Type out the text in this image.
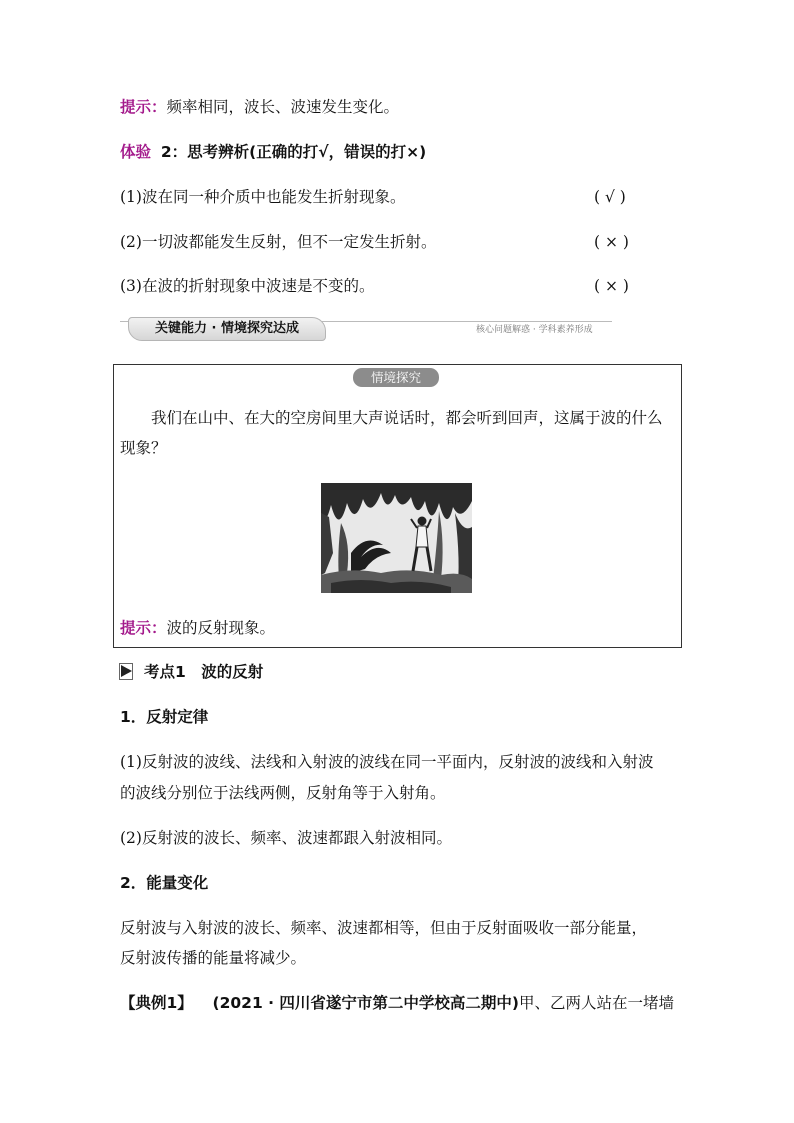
提示：频率相同，波长、波速发生变化。
体验 2：思考辨析(正确的打√，错误的打×)
(1)波在同一种介质中也能发生折射现象。	( √ )
(2)一切波都能发生反射，但不一定发生折射。	( × )
(3)在波的折射现象中波速是不变的。	( × )
关键能力 · 情境探究达成	核心问题解惑 · 学科素养形成
情境探究
我们在山中、在大的空房间里大声说话时，都会听到回声，这属于波的什么
现象？
提示：波的反射现象。
考点1　波的反射
1．反射定律
(1)反射波的波线、法线和入射波的波线在同一平面内，反射波的波线和入射波
的波线分别位于法线两侧，反射角等于入射角。
(2)反射波的波长、频率、波速都跟入射波相同。
2．能量变化
反射波与入射波的波长、频率、波速都相等，但由于反射面吸收一部分能量，
反射波传播的能量将减少。
【典例1】 (2021 · 四川省遂宁市第二中学校高二期中)甲、乙两人站在一堵墙
